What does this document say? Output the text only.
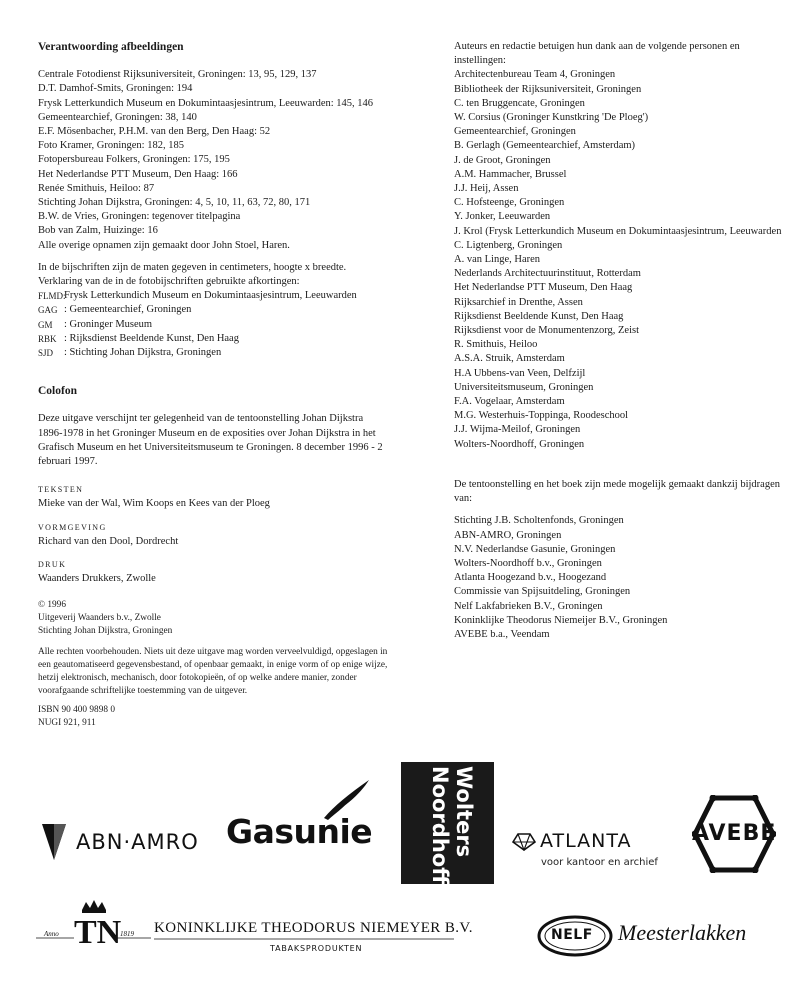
Verantwoording afbeeldingen

Centrale Fotodienst Rijksuniversiteit, Groningen: 13, 95, 129, 137

D.T. Damhof-Smits, Groningen: 194

Frysk Letterkundich Museum en Dokumintaasjesintrum, Leeuwarden: 145, 146

Gemeentearchief, Groningen: 38, 140

E.F. Mösenbacher, P.H.M. van den Berg, Den Haag: 52

Foto Kramer, Groningen: 182, 185

Fotopersbureau Folkers, Groningen: 175, 195

Het Nederlandse PTT Museum, Den Haag: 166

Renée Smithuis, Heiloo: 87

Stichting Johan Dijkstra, Groningen: 4, 5, 10, 11, 63, 72, 80, 171

B.W. de Vries, Groningen: tegenover titelpagina

Bob van Zalm, Huizinge: 16

Alle overige opnamen zijn gemaakt door John Stoel, Haren.

In de bijschriften zijn de maten gegeven in centimeters, hoogte x breedte.

Verklaring van de in de fotobijschriften gebruikte afkortingen:

FLMD:
Frysk Letterkundich Museum en Dokumintaasjesintrum, Leeuwarden
GAG : Gemeentearchief, Groningen
GM	: Groninger Museum
RBK : Rijksdienst Beeldende Kunst, Den Haag
SJD	: Stichting Johan Dijkstra, Groningen
Colofon

Deze uitgave verschijnt ter gelegenheid van de tentoonstelling Johan Dijkstra 1896-1978 in het Groninger Museum en de exposities over Johan Dijkstra in het Grafisch Museum en het Universiteitsmuseum te Groningen. 8 december 1996 - 2 februari 1997.

TEKSTEN

Mieke van der Wal, Wim Koops en Kees van der Ploeg

VORMGEVING

Richard van den Dool, Dordrecht

DRUK

Waanders Drukkers, Zwolle

© 1996

Uitgeverij Waanders b.v., Zwolle

Stichting Johan Dijkstra, Groningen

Alle rechten voorbehouden. Niets uit deze uitgave mag worden verveelvuldigd, opgeslagen in een geautomatiseerd gegevensbestand, of openbaar gemaakt, in enige vorm of op enige wijze, hetzij elektronisch, mechanisch, door fotokopieën, of op welke andere manier, zonder voorafgaande schriftelijke toestemming van de uitgever.

ISBN 90 400 9898 0

NUGI 921, 911

Auteurs en redactie betuigen hun dank aan de volgende personen en instellingen:

Architectenbureau Team 4, Groningen

Bibliotheek der Rijksuniversiteit, Groningen

C. ten Bruggencate, Groningen

W. Corsius (Groninger Kunstkring 'De Ploeg')

Gemeentearchief, Groningen

B. Gerlagh (Gemeentearchief, Amsterdam)

J. de Groot, Groningen

A.M. Hammacher, Brussel

J.J. Heij, Assen

C. Hofsteenge, Groningen

Y. Jonker, Leeuwarden

J. Krol (Frysk Letterkundich Museum en Dokumintaasjesintrum, Leeuwarden

C. Ligtenberg, Groningen

A. van Linge, Haren

Nederlands Architectuurinstituut, Rotterdam

Het Nederlandse PTT Museum, Den Haag

Rijksarchief in Drenthe, Assen

Rijksdienst Beeldende Kunst, Den Haag

Rijksdienst voor de Monumentenzorg, Zeist

R. Smithuis, Heiloo

A.S.A. Struik, Amsterdam

H.A Ubbens-van Veen, Delfzijl

Universiteitsmuseum, Groningen

F.A. Vogelaar, Amsterdam

M.G. Westerhuis-Toppinga, Roodeschool

J.J. Wijma-Meilof, Groningen

Wolters-Noordhoff, Groningen

De tentoonstelling en het boek zijn mede mogelijk gemaakt dankzij bijdragen van:

Stichting J.B. Scholtenfonds, Groningen

ABN-AMRO, Groningen

N.V. Nederlandse Gasunie, Groningen

Wolters-Noordhoff b.v., Groningen

Atlanta Hoogezand b.v., Hoogezand

Commissie van Spijsuitdeling, Groningen

Nelf Lakfabrieken B.V., Groningen

Koninklijke Theodorus Niemeijer B.V., Groningen

AVEBE b.a., Veendam

ABN·AMRO Gasunie	Wolters
Noordhoff	ATLANTA
voor kantoor en archief
AVEBE
Anno TN
1819 KONINKLIJKE THEODORUS NIEMEYER B.V.
TABAKSPRODUKTEN
NELF Meesterlakken
